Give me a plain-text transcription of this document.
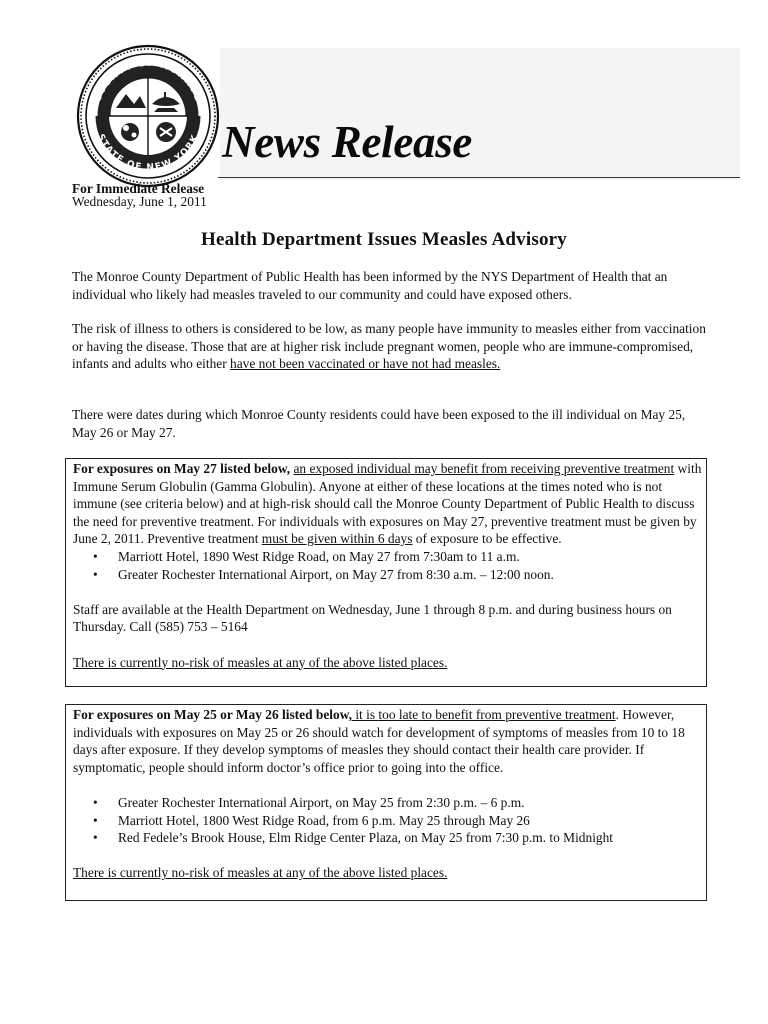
COUNTY OF MONROE
STATE OF NEW YORK News Release
For Immediate Release
Wednesday, June 1, 2011
Health Department Issues Measles Advisory

The Monroe County Department of Public Health has been informed by the NYS Department of Health that an individual who likely had measles traveled to our community and could have exposed others.

The risk of illness to others is considered to be low, as many people have immunity to measles either from vaccination or having the disease. Those that are at higher risk include pregnant women, people who are immune-compromised, infants and adults who either have not been vaccinated or have not had measles.

There were dates during which Monroe County residents could have been exposed to the ill individual on May 25, May 26 or May 27.

For exposures on May 27 listed below, an exposed individual may benefit from receiving preventive treatment with Immune Serum Globulin (Gamma Globulin). Anyone at either of these locations at the times noted who is not immune (see criteria below) and at high-risk should call the Monroe County Department of Public Health to discuss the need for preventive treatment. For individuals with exposures on May 27, preventive treatment must be given by June 2, 2011. Preventive treatment must be given within 6 days of exposure to be effective.

• Marriott Hotel, 1890 West Ridge Road, on May 27 from 7:30am to 11 a.m.
• Greater Rochester International Airport, on May 27 from 8:30 a.m. – 12:00 noon.

Staff are available at the Health Department on Wednesday, June 1 through 8 p.m. and during business hours on Thursday. Call (585) 753 – 5164

There is currently no-risk of measles at any of the above listed places.

For exposures on May 25 or May 26 listed below, it is too late to benefit from preventive treatment. However, individuals with exposures on May 25 or 26 should watch for development of symptoms of measles from 10 to 18 days after exposure. If they develop symptoms of measles they should contact their health care provider. If symptomatic, people should inform doctor’s office prior to going into the office.

• Greater Rochester International Airport, on May 25 from 2:30 p.m. – 6 p.m.
• Marriott Hotel, 1800 West Ridge Road, from 6 p.m. May 25 through May 26
• Red Fedele’s Brook House, Elm Ridge Center Plaza, on May 25 from 7:30 p.m. to Midnight

There is currently no-risk of measles at any of the above listed places.
